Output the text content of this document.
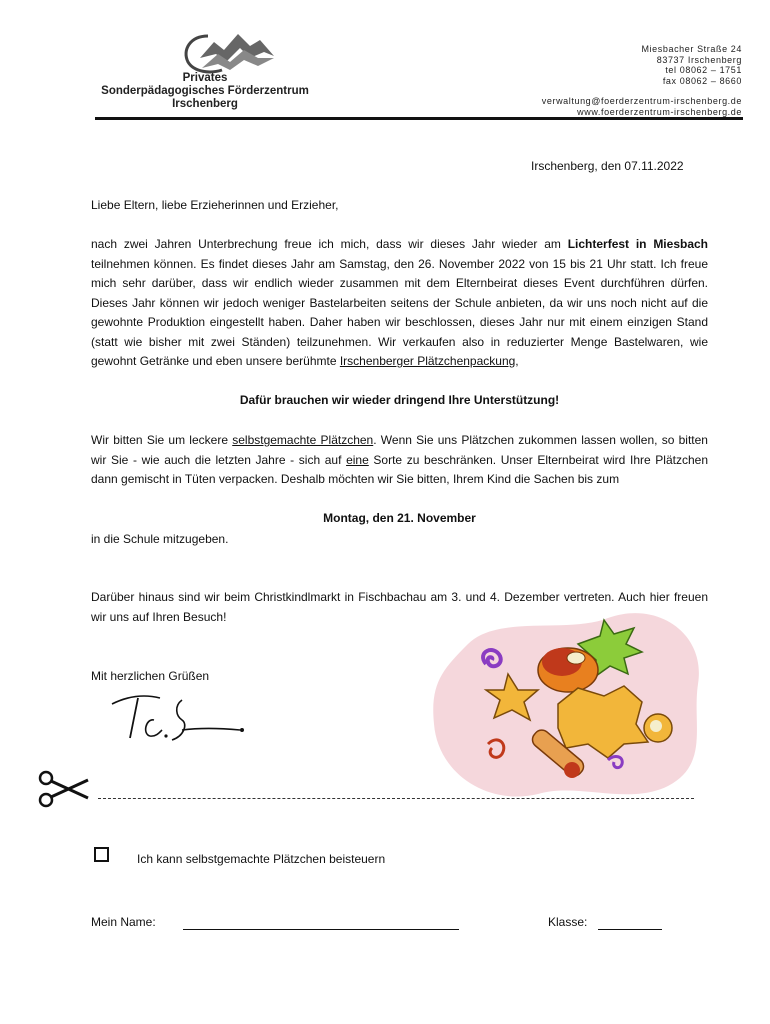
Privates
Sonderpädagogisches Förderzentrum
Irschenberg
Miesbacher Straße 24
83737 Irschenberg
tel 08062 – 1751
fax 08062 – 8660
verwaltung@foerderzentrum-irschenberg.de
www.foerderzentrum-irschenberg.de
Irschenberg, den 07.11.2022
Liebe Eltern, liebe Erzieherinnen und Erzieher,
nach zwei Jahren Unterbrechung freue ich mich, dass wir dieses Jahr wieder am Lichterfest in Miesbach teilnehmen können. Es findet dieses Jahr am Samstag, den 26. November 2022 von 15 bis 21 Uhr statt. Ich freue mich sehr darüber, dass wir endlich wieder zusammen mit dem Elternbeirat dieses Event durchführen dürfen. Dieses Jahr können wir jedoch weniger Bastelarbeiten seitens der Schule anbieten, da wir uns noch nicht auf die gewohnte Produktion eingestellt haben. Daher haben wir beschlossen, dieses Jahr nur mit einem einzigen Stand (statt wie bisher mit zwei Ständen) teilzunehmen. Wir verkaufen also in reduzierter Menge Bastelwaren, wie gewohnt Getränke und eben unsere berühmte Irschenberger Plätzchenpackung,
Dafür brauchen wir wieder dringend Ihre Unterstützung!
Wir bitten Sie um leckere selbstgemachte Plätzchen. Wenn Sie uns Plätzchen zukommen lassen wollen, so bitten wir Sie - wie auch die letzten Jahre - sich auf eine Sorte zu beschränken. Unser Elternbeirat wird Ihre Plätzchen dann gemischt in Tüten verpacken. Deshalb möchten wir Sie bitten, Ihrem Kind die Sachen bis zum
Montag, den 21. November
in die Schule mitzugeben.
Darüber hinaus sind wir beim Christkindlmarkt in Fischbachau am 3. und 4. Dezember vertreten. Auch hier freuen wir uns auf Ihren Besuch!
Mit herzlichen Grüßen
Ich kann selbstgemachte Plätzchen beisteuern
Mein Name:	Klasse:
